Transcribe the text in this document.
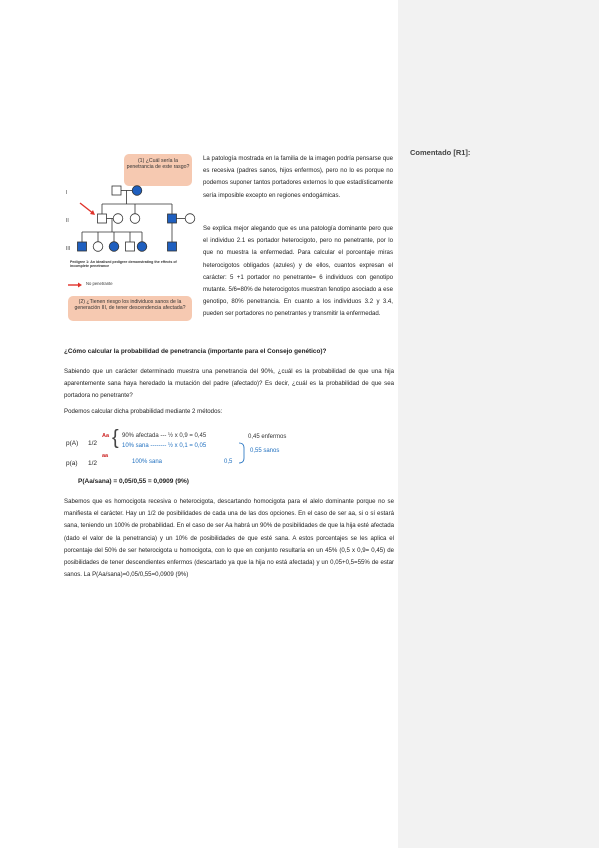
Comentado [R1]:
(1) ¿Cuál sería la penetrancia de este rasgo?
I
II
III
Pedigree 1: An idealised pedigree demonstrating the effects of incomplete penetrance
No penetrante
(2) ¿Tienen riesgo los individuos sanos de la generación III, de tener descendencia afectada?

La patología mostrada en la familia de la imagen podría pensarse que es recesiva (padres sanos, hijos enfermos), pero no lo es porque no podemos suponer tantos portadores externos lo que estadísticamente sería imposible excepto en regiones endogámicas.

Se explica mejor alegando que es una patología dominante pero que el individuo 2.1 es portador heterocigoto, pero no penetrante, por lo que no muestra la enfermedad. Para calcular el porcentaje miras heterocigotos obligados (azules) y de ellos, cuantos expresan el carácter: 5 +1 portador no penetrante= 6 individuos con genotipo mutante. 5/6=80% de heterocigotos muestran fenotipo asociado a ese genotipo, 80% penetrancia. En cuanto a los individuos 3.2 y 3.4, pueden ser portadores no penetrantes y transmitir la enfermedad.

¿Cómo calcular la probabilidad de penetrancia (importante para el Consejo genético)?

Sabiendo que un carácter determinado muestra una penetrancia del 90%, ¿cuál es la probabilidad de que una hija aparentemente sana haya heredado la mutación del padre (afectado)? Es decir, ¿cuál es la probabilidad de que sea portadora no penetrante?

Podemos calcular dicha probabilidad mediante 2 métodos:

p(A) 1/2
p(a) 1/2
Aa
aa
{ 90% afectada --- ½ x 0,9 = 0,45
10% sana -------- ½ x 0,1 = 0,05
100% sana	0,5
0,45 enfermos
0,55 sanos
P(Aa/sana) = 0,05/0,55 = 0,0909 (9%)

Sabemos que es homocigota recesiva o heterocigota, descartando homocigota para el alelo dominante porque no se manifiesta el carácter. Hay un 1/2 de posibilidades de cada una de las dos opciones. En el caso de ser aa, si o sí estará sana, teniendo un 100% de probabilidad. En el caso de ser Aa habrá un 90% de posibilidades de que la hija esté afectada (dado el valor de la penetrancia) y un 10% de posibilidades de que esté sana. A estos porcentajes se les aplica el porcentaje del 50% de ser heterocigota u homocigota, con lo que en conjunto resultaría en un 45% (0,5 x 0,9= 0,45) de posibilidades de tener descendientes enfermos (descartado ya que la hija no está afectada) y un 0,05+0,5=55% de estar sanos. La P(Aa/sana)=0,05/0,55=0,0909 (9%)
